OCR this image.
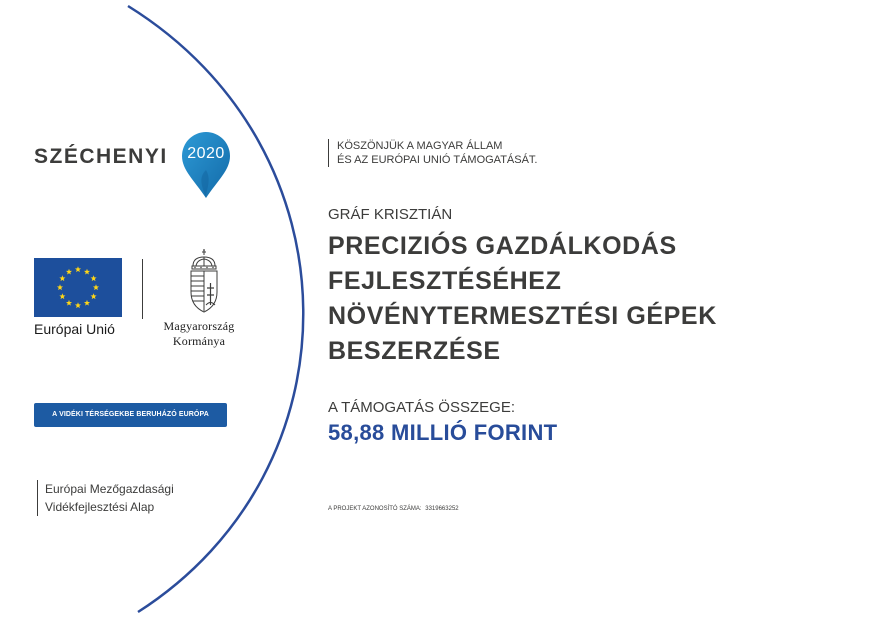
SZÉCHENYI	2020
Európai Unió	Magyarország
Kormánya
A VIDÉKI TÉRSÉGEKBE BERUHÁZÓ EURÓPA
Európai Mezőgazdasági
Vidékfejlesztési Alap
KÖSZÖNJÜK A MAGYAR ÁLLAM
ÉS AZ EURÓPAI UNIÓ TÁMOGATÁSÁT.
GRÁF KRISZTIÁN
PRECIZIÓS GAZDÁLKODÁS
FEJLESZTÉSÉHEZ
NÖVÉNYTERMESZTÉSI GÉPEK
BESZERZÉSE
A TÁMOGATÁS ÖSSZEGE:
58,88 MILLIÓ FORINT
A PROJEKT AZONOSÍTÓ SZÁMA: 3319663252
